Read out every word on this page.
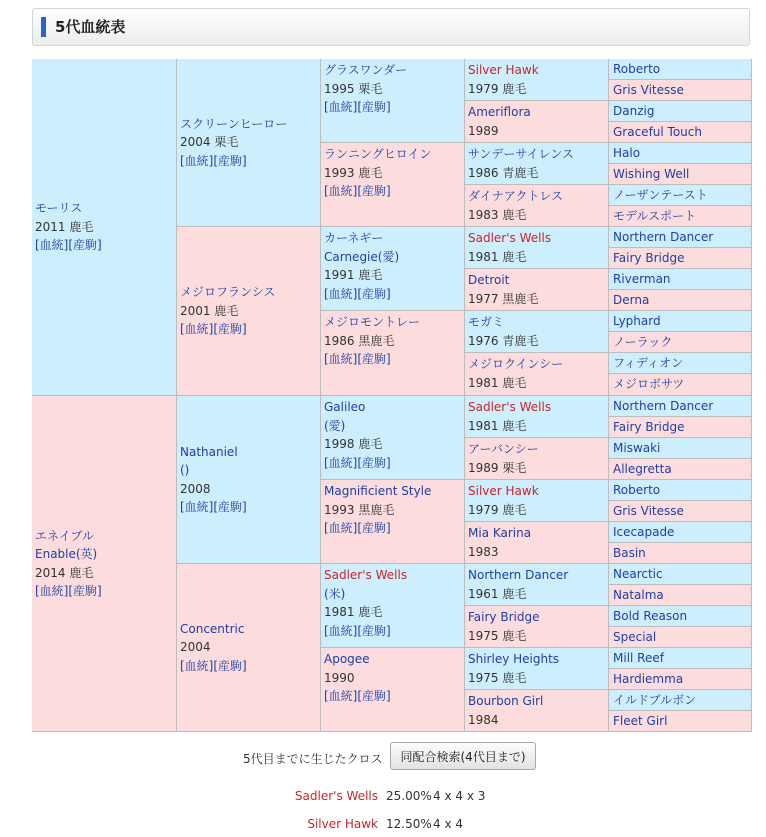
5代血統表
モーリス
2011 鹿毛
[血統][産駒]
エネイブル
Enable(英)
2014 鹿毛
[血統][産駒]
スクリーンヒーロー
2004 栗毛
[血統][産駒]
メジロフランシス
2001 鹿毛
[血統][産駒]
Nathaniel
()
2008
[血統][産駒]
Concentric
2004
[血統][産駒]
グラスワンダー
1995 栗毛
[血統][産駒]
ランニングヒロイン
1993 鹿毛
[血統][産駒]
カーネギー
Carnegie(愛)
1991 鹿毛
[血統][産駒]
メジロモントレー
1986 黒鹿毛
[血統][産駒]
Galileo
(愛)
1998 鹿毛
[血統][産駒]
Magnificient Style
1993 黒鹿毛
[血統][産駒]
Sadler's Wells
(米)
1981 鹿毛
[血統][産駒]
Apogee
1990
[血統][産駒]
Silver Hawk
1979 鹿毛
Ameriflora
1989
サンデーサイレンス
1986 青鹿毛
ダイナアクトレス
1983 鹿毛
Sadler's Wells
1981 鹿毛
Detroit
1977 黒鹿毛
モガミ
1976 青鹿毛
メジロクインシー
1981 鹿毛
Sadler's Wells
1981 鹿毛
アーバンシー
1989 栗毛
Silver Hawk
1979 鹿毛
Mia Karina
1983
Northern Dancer
1961 鹿毛
Fairy Bridge
1975 鹿毛
Shirley Heights
1975 鹿毛
Bourbon Girl
1984
Roberto
Gris Vitesse
Danzig
Graceful Touch
Halo
Wishing Well
ノーザンテースト
モデルスポート
Northern Dancer
Fairy Bridge
Riverman
Derna
Lyphard
ノーラック
フィディオン
メジロボサツ
Northern Dancer
Fairy Bridge
Miswaki
Allegretta
Roberto
Gris Vitesse
Icecapade
Basin
Nearctic
Natalma
Bold Reason
Special
Mill Reef
Hardiemma
イルドブルボン
Fleet Girl
5代目までに生じたクロス	同配合検索(4代目まで)
Sadler's Wells 25.00% 4 x 4 x 3
Silver Hawk 12.50% 4 x 4
